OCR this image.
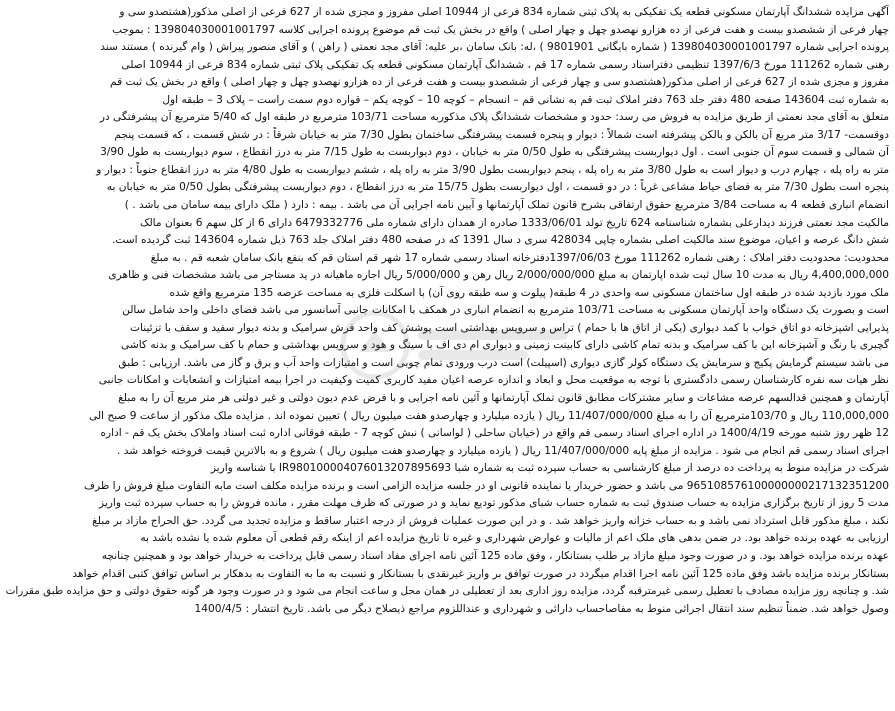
آگهی مزایده ششدانگ آپارتمان مسکونی قطعه یک تفکیکی به پلاک ثبتی شماره 834 فرعی از 10944 اصلی مفروز و مجزی شده از 627 فرعی از اصلی مذکور(هشتصدو سی و
چهار فرعی از ششصدو بیست و هفت فرعی از ده هزارو نهصدو چهل و چهار اصلی ) واقع در بخش یک ثبت قم موضوع پرونده اجرایی کلاسه 139804030001001797 : بموجب
پرونده اجرایی شماره 139804030001001797 ( شماره بایگانی 9801901 ) ،له: بانک سامان ،بر علیه: آقای مجد نعمتی ( راهن ) و آقای منصور پیراش ( وام گیرنده ) مستند سند
رهنی شماره 111262 مورخ 1397/6/3 تنظیمی دفتراسناد رسمی شماره 17 قم ، ششدانگ آپارتمان مسکونی قطعه یک تفکیکی پلاک ثبتی شماره 834 فرعی از 10944 اصلی
مفروز و مجزی شده از 627 فرعی از اصلی مذکور(هشتصدو سی و چهار فرعی از ششصدو بیست و هفت فرعی از ده هزارو نهصدو چهل و چهار اصلی ) واقع در بخش یک ثبت قم
به شماره ثبت 143604 صفحه 480 دفتر جلد 763 دفتر املاک ثبت قم به نشانی قم – انسجام – کوچه 10 – کوچه یکم – قواره دوم سمت راست – پلاک 3 – طبقه اول
متعلق به آقای مجد نعمتی از طریق مزایده به فروش می رسد: حدود و مشخصات ششدانگ پلاک مذکوربه مساحت 103/71 مترمربع در طبقه اول که 5/40 مترمربع آن پیشرفتگی در
دوقسمت- 3/17 متر مربع آن بالکن و بالکن پیشرفته است شمالاً : دیوار و پنجره قسمت پیشرفتگی ساختمان بطول 7/30 متر به خیابان شرقاً : در شش قسمت ، که قسمت پنجم
آن شمالی و قسمت سوم آن جنوبی است . اول دیواربست پیشرفتگی به طول 0/50 متر به خیابان ، دوم دیواربست به طول 7/15 متر به درز انقطاع ، سوم دیواربست به طول 3/90
متر به راه پله ، چهارم درب و دیوار است به طول 3/80 متر به راه پله ، پنجم دیواربست بطول 3/90 متر به راه پله ، ششم دیواربست به طول 4/80 متر به درز انقطاع جنوباً : دیوار و
پنجره است بطول 7/30 متر به فضای حیاط مشاعی غرباً : در دو قسمت ، اول دیواربست بطول 15/75 متر به درز انقطاع ، دوم دیواربست پیشرفتگی بطول 0/50 متر به خیابان به
انضمام انباری قطعه 4 به مساحت 3/84 مترمربع حقوق ارتفاقی بشرح قانون تملک آپارتمانها و آیین نامه اجرایی آن می باشد . بیمه : دارد ( ملک دارای بیمه سامان می باشد . )
مالکیت مجد نعمتی فرزند دیدارعلی بشماره شناسنامه 624 تاریخ تولد 1333/06/01 صادره از همدان دارای شماره ملی 6479332776 دارای 6 از کل سهم 6 بعنوان مالک
شش دانگ عرصه و اعیان، موضوع سند مالکیت اصلی بشماره چاپی 428034 سری د سال 1391 که در صفحه 480 دفتر املاک جلد 763 ذیل شماره 143604 ثبت گردیده است.
محدودیت: محدودیت دفتر املاک : رهنی شماره 111262 مورخ 1397/06/03دفترخانه اسناد رسمی شماره 17 شهر قم استان قم که بنفع بانک سامان شعبه قم . به مبلغ
4,400,000,000 ریال به مدت 10 سال ثبت شده اپارتمان به مبلغ 2/000/000/000 ریال رهن و 5/000/000 ریال اجاره ماهیانه در ید مستاجر می باشد مشخصات فنی و ظاهری
ملک مورد بازدید شده در طبقه اول ساختمان مسکونی سه واحدی در 4 طبقه( پیلوت و سه طبقه روی آن) با اسکلت فلزی به مساحت عرصه 135 مترمربع واقع شده
است و بصورت یک دستگاه واحد آپارتمان مسکونی به مساحت 103/71 مترمربع به انضمام انباری در همکف با امکانات جانبی آسانسور می باشد فضای داخلی واحد شامل سالن
پذیرایی اشپزخانه دو اتاق خواب با کمد دیواری (یکی از اتاق ها با حمام ) تراس و سرویس بهداشتی است پوشش کف واحد فرش سرامیک و بدنه دیوار سفید و سقف با تزئینات
گچبری با رنگ و آشپزخانه این با کف سرامیک و بدنه تمام کاشی دارای کابینت زمینی و دیواری ام دی اف با سینگ و هود و سرویس بهداشتی و حمام با کف سرامیک و بدنه کاشی
می باشد سیستم گرمایش پکیج و سرمایش یک دستگاه کولر گازی دیواری (اسپیلت) است درب ورودی تمام چوبی است و امتیازات واحد آب و برق و گاز می باشد. ارزیابی : طبق
نظر هیات سه نفره کارشناسان رسمی دادگستری با توجه به موقعیت محل و ابعاد و اندازه عرصه اعیان مفید کاربری کمیت وکیفیت در اجرا بیمه امتیازات و انشعابات و امکانات جانبی
آپارتمان و همچنین قدالسهم عرصه مشاعات و سایر مشترکات مطابق قانون تملک آپارتمانها و آئین نامه اجرایی و با فرض عدم دیون دولتی و غیر دولتی هر متر مربع آن را به مبلغ
110,000,000 ریال و 103/70مترمربع آن را به مبلغ 11/407/000/000 ریال ( یازده میلیارد و چهارصدو هفت میلیون ریال ) تعیین نموده اند . مزایده ملک مذکور از ساعت 9 صبح الی
12 ظهر روز شنبه مورخه 1400/4/19 در اداره اجرای اسناد رسمی قم واقع در (خیابان ساحلی ( لواسانی ) نبش کوچه 7 - طبقه فوقانی اداره ثبت اسناد واملاک بخش یک قم - اداره
اجرای اسناد رسمی قم انجام می شود . مزایده از مبلغ پایه 11/407/000/000 ریال ( یازده میلیارد و چهارصدو هفت میلیون ریال ) شروع و به بالاترین قیمت فروخته خواهد شد .
شرکت در مزایده منوط به پرداخت ده درصد از مبلغ کارشناسی به حساب سپرده ثبت به شماره شبا IR980100004076013207895693 با شناسه واریز
965108576100000000217132351200 می باشد و حضور خریدار یا نماینده قانونی او در جلسه مزایده الزامی است و برنده مزایده مکلف است مابه التفاوت مبلغ فروش را ظرف
مدت 5 روز از تاریخ برگزاری مزایده به حساب صندوق ثبت به شماره حساب شبای مذکور تودیع نماید و در صورتی که ظرف مهلت مقرر ، مانده فروش را به حساب سپرده ثبت واریز
نکند ، مبلغ مذکور قابل استرداد نمی باشد و به حساب خزانه واریز خواهد شد . و در این صورت عملیات فروش از درجه اعتبار ساقط و مزایده تجدید می گردد. حق الحراج مازاد بر مبلغ
ارزیابی به عهده برنده خواهد بود. در ضمن بدهی های ملک اعم از مالیات و عوارض شهرداری و غیره تا تاریخ مزایده اعم از اینکه رقم قطعی آن معلوم شده یا نشده باشد به
عهده برنده مزایده خواهد بود. و در صورت وجود مبلغ مازاد بر طلب بستانکار ، وفق ماده 125 آئین نامه اجرای مفاد اسناد رسمی قابل پرداخت به خریدار خواهد بود و همچنین چنانچه
بستانکار برنده مزایده باشد وفق ماده 125 آئین نامه اجرا اقدام میگردد در صورت توافق بر واریز غیرنقدی با بستانکار و تسبت به ما به التفاوت به بدهکار بر اساس توافق کتبی اقدام خواهد
شد. و چنانچه روز مزایده مصادف با تعطیل رسمی غیرمترقبه گردد، مزایده روز اداری بعد از تعطیلی در همان محل و ساعت انجام می شود و در صورت وجود هر گونه حقوق دولتی و حق مزایده طبق مقررات
وصول خواهد شد. ضمناً تنظیم سند انتقال اجرائی منوط به مفاصاحساب دارائی و شهرداری و عنداللزوم مراجع ذیصلاح دیگر می باشد. تاریخ انتشار : 1400/4/5
